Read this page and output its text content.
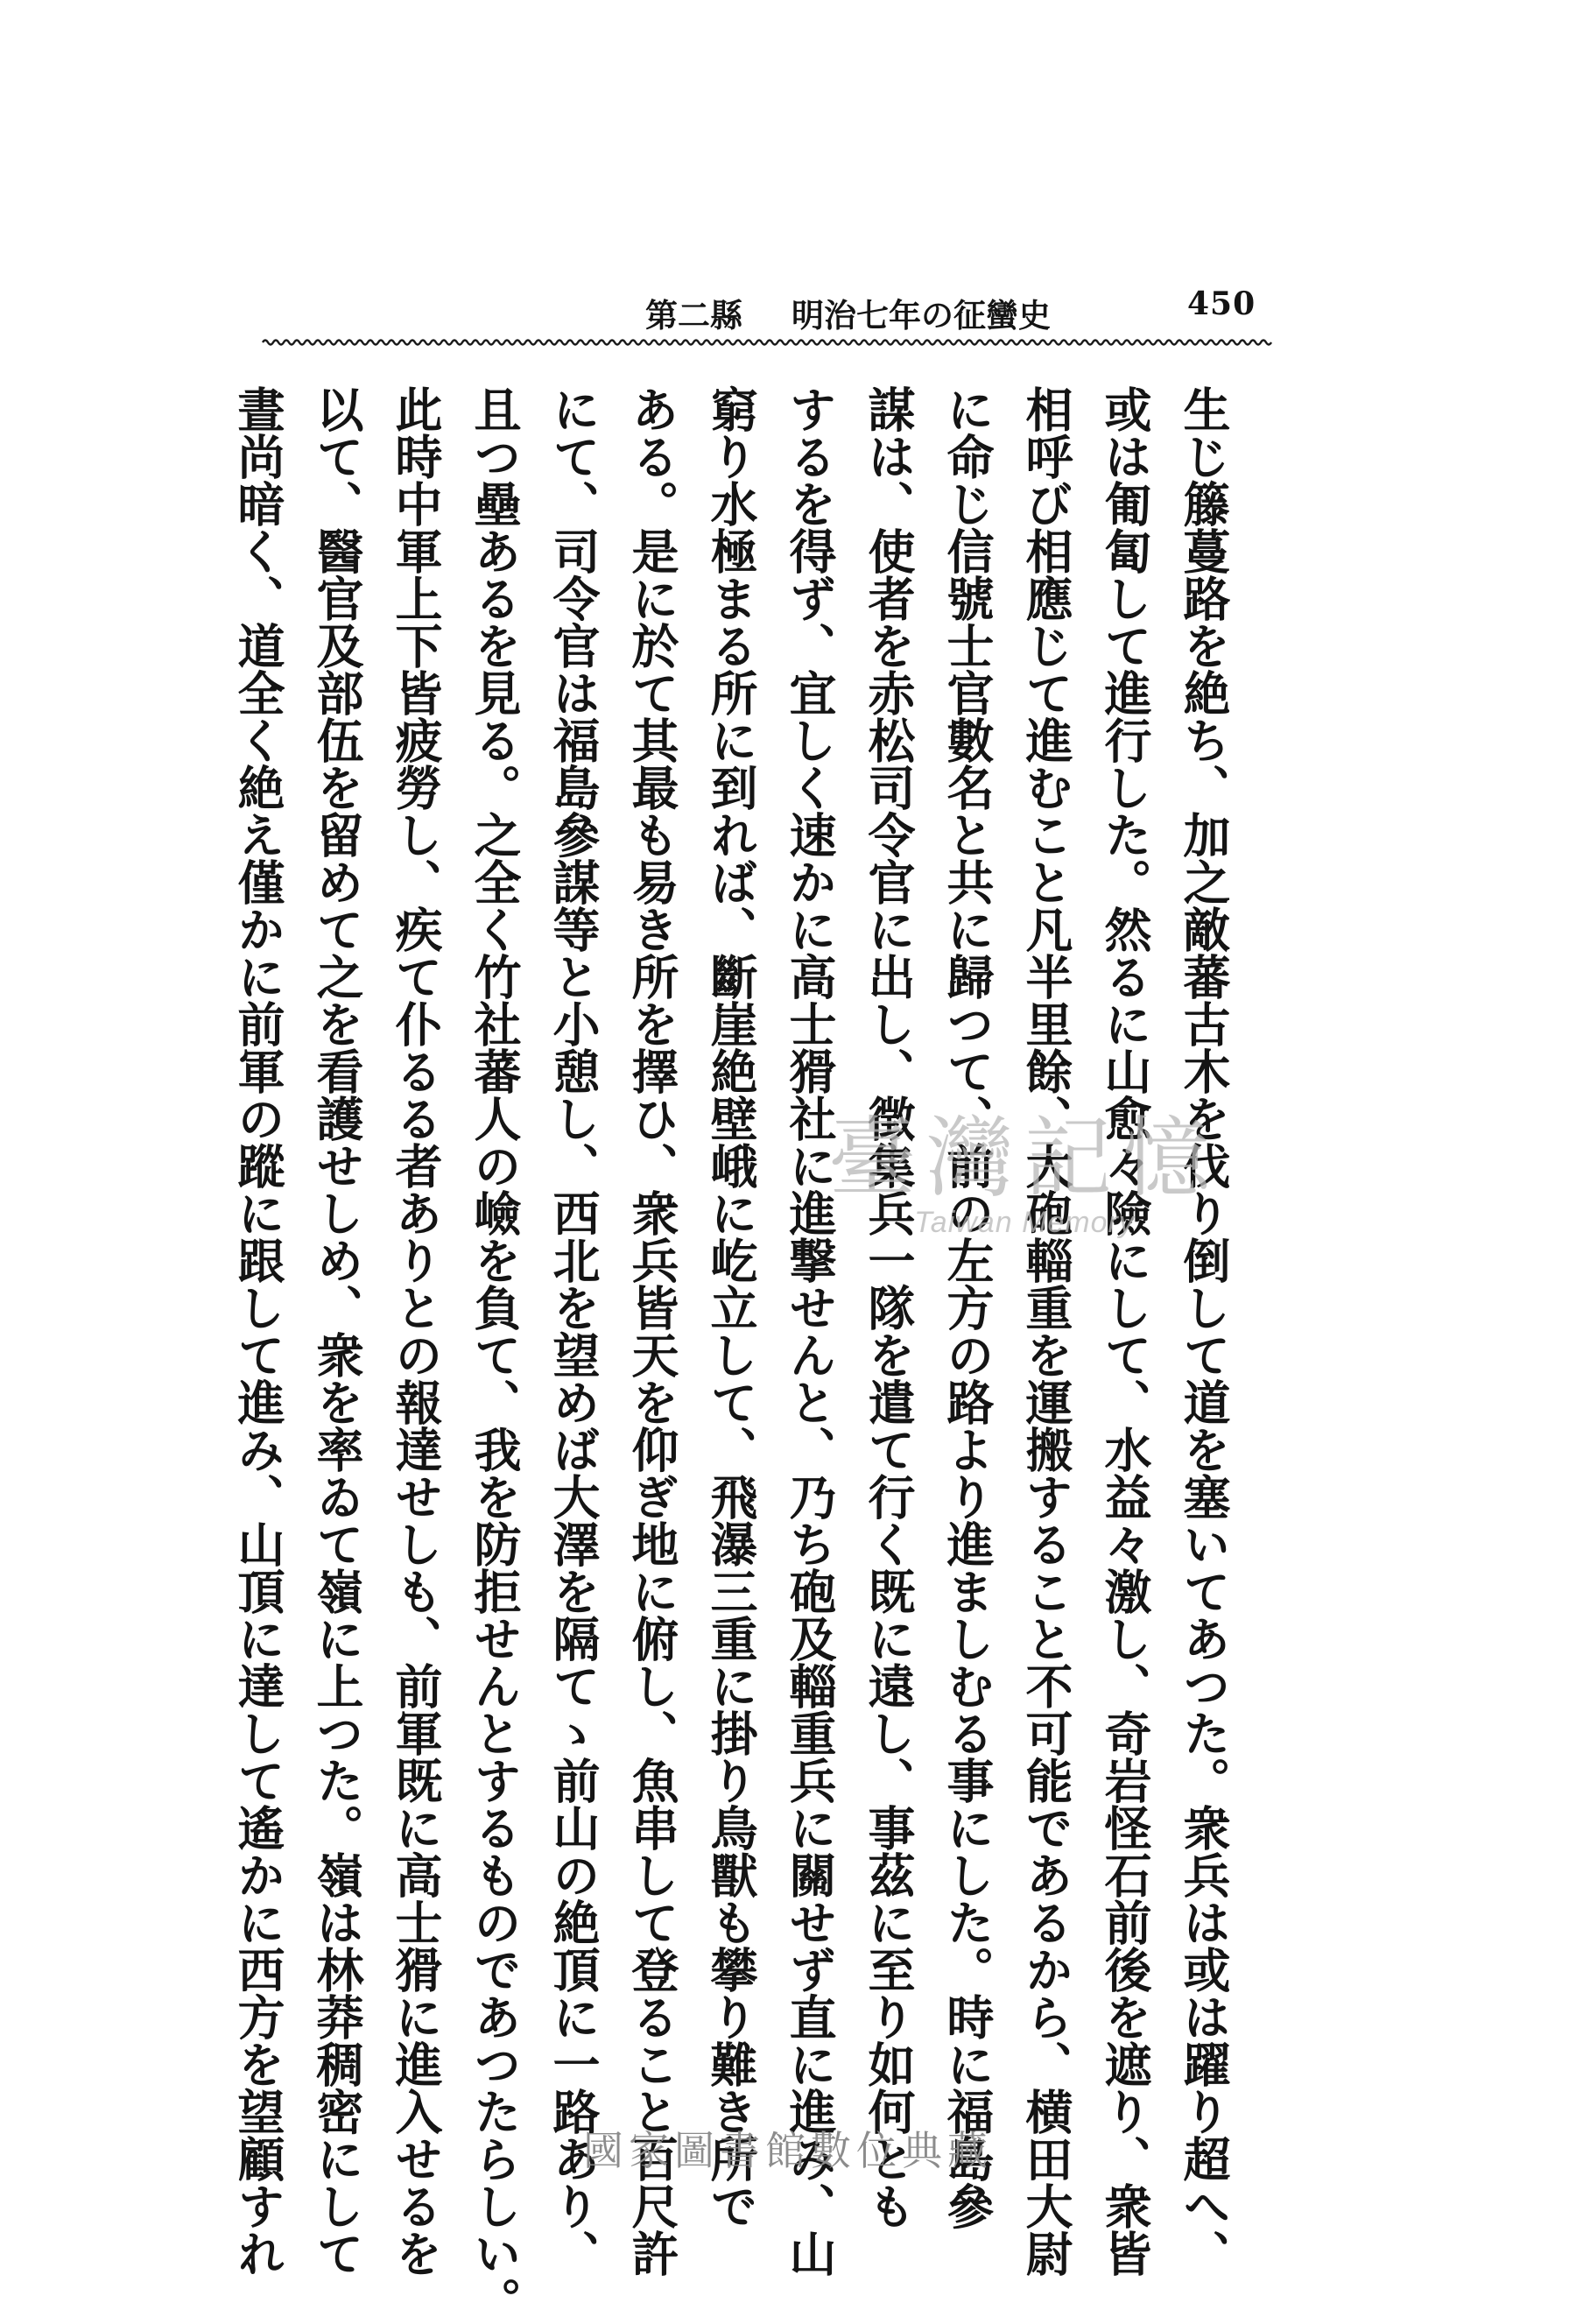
450
第二縣 明治七年の征蠻史
生じ籐蔓路を絶ち、加之敵蕃古木を伐り倒して道を塞いてあつた。衆兵は或は躍り超へ、
或は匍匐して進行した。然るに山愈々險にして、水益々激し、奇岩怪石前後を遮り、衆皆
相呼び相應じて進むこと凡半里餘、大砲輜重を運搬すること不可能であるから、横田大尉
に命じ信號士官數名と共に歸つて、前の左方の路より進ましむる事にした。時に福島參
謀は、使者を赤松司令官に出し、徴集兵一隊を遣て行く既に遠し、事茲に至り如何とも
するを得ず、宜しく速かに高士猾社に進撃せんと、乃ち砲及輜重兵に關せず直に進み、山
窮り水極まる所に到れば、斷崖絶壁峨に屹立して、飛瀑三重に掛り鳥獸も攀り難き所で
ある。是に於て其最も易き所を擇ひ、衆兵皆天を仰ぎ地に俯し、魚串して登ること百尺許
にて、司令官は福島參謀等と小憩し、西北を望めば大澤を隔てゝ前山の絶頂に一路あり、
且つ壘あるを見る。之全く竹社蕃人の嶮を負て、我を防拒せんとするものであつたらしい。
此時中軍上下皆疲勞し、疾て仆るる者ありとの報達せしも、前軍既に高士猾に進入せるを
以て、醫官及部伍を留めて之を看護せしめ、衆を率ゐて嶺に上つた。嶺は林莽稠密にして
晝尚暗く、道全く絶え僅かに前軍の蹤に跟して進み、山頂に達して遙かに西方を望顧すれ	臺灣記憶
Taiwan Memory
國家圖書館數位典藏
